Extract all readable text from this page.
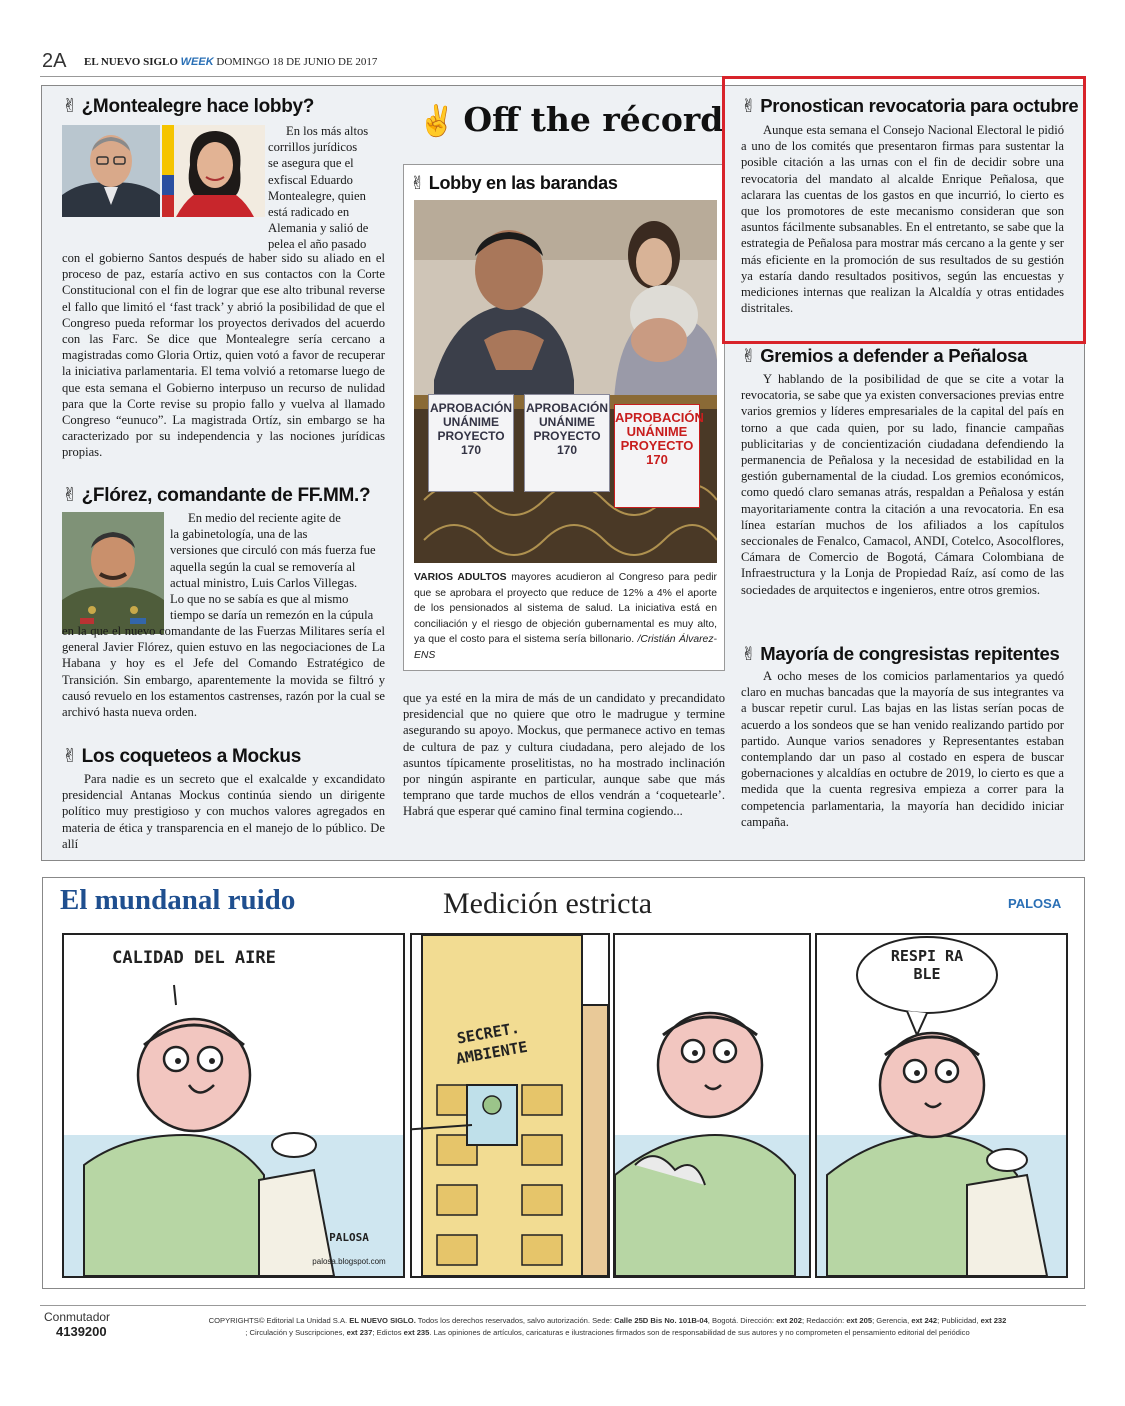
2A EL NUEVO SIGLO WEEK DOMINGO 18 DE JUNIO DE 2017
✌ ¿Montealegre hace lobby?
En los más altos
corrillos jurídicos
se asegura que el
exfiscal Eduardo
Montealegre, quien
está radicado en
Alemania y salió de
pelea el año pasado
con el gobierno Santos después de haber sido su aliado en el proceso de paz, estaría activo en sus contactos con la Corte Constitucional con el fin de lograr que ese alto tribunal reverse el fallo que limitó el ‘fast track’ y abrió la posibilidad de que el Congreso pueda reformar los proyectos derivados del acuerdo con las Farc. Se dice que Montealegre sería cercano a magistradas como Gloria Ortiz, quien votó a favor de recuperar la iniciativa parlamentaria. El tema volvió a retomarse luego de que esta semana el Gobierno interpuso un recurso de nulidad para que la Corte revise su propio fallo y vuelva al llamado Congreso “eunuco”. La magistrada Ortíz, sin embargo se ha caracterizado por su independencia y las nociones jurídicas propias.
✌ ¿Flórez, comandante de FF.MM.?
En medio del reciente agite de
la gabinetología, una de las
versiones que circuló con más fuerza fue
aquella según la cual se removería al
actual ministro, Luis Carlos Villegas.
Lo que no se sabía es que al mismo
tiempo se daría un remezón en la cúpula
en la que el nuevo comandante de las Fuerzas Militares sería el general Javier Flórez, quien estuvo en las negociaciones de La Habana y hoy es el Jefe del Comando Estratégico de Transición. Sin embargo, aparentemente la movida se filtró y causó revuelo en los estamentos castrenses, razón por la cual se archivó hasta nueva orden.
✌ Los coqueteos a Mockus

Para nadie es un secreto que el exalcalde y excandidato presidencial Antanas Mockus continúa siendo un dirigente político muy prestigioso y con muchos valores agregados en materia de ética y transparencia en el manejo de lo público. De allí

✌ Off the récord
✌ Lobby en las barandas
APROBACIÓN UNÁNIME PROYECTO 170
APROBACIÓN UNÁNIME PROYECTO 170
APROBACIÓN UNÁNIME PROYECTO 170
VARIOS ADULTOS mayores acudieron al Congreso para pedir que se aprobara el proyecto que reduce de 12% a 4% el aporte de los pensionados al sistema de salud. La iniciativa está en conciliación y el riesgo de objeción gubernamental es muy alto, ya que el costo para el sistema sería billonario. /Cristián Álvarez-ENS
que ya esté en la mira de más de un candidato y precandidato presidencial que no quiere que otro le madrugue y termine asegurando su apoyo. Mockus, que permanece activo en temas de cultura de paz y cultura ciudadana, pero alejado de los asuntos típicamente proselitistas, no ha mostrado inclinación por ningún aspirante en particular, aunque sabe que más temprano que tarde muchos de ellos vendrán a ‘coquetearle’. Habrá que esperar qué camino final termina cogiendo...
✌ Pronostican revocatoria para octubre

Aunque esta semana el Consejo Nacional Electoral le pidió a uno de los comités que presentaron firmas para sustentar la posible citación a las urnas con el fin de decidir sobre una revocatoria del mandato al alcalde Enrique Peñalosa, que aclarara las cuentas de los gastos en que incurrió, lo cierto es que los promotores de este mecanismo consideran que son asuntos fácilmente subsanables. En el entretanto, se sabe que la estrategia de Peñalosa para mostrar más cercano a la gente y ser más eficiente en la promoción de sus resultados de su gestión ya estaría dando resultados positivos, según las encuestas y mediciones internas que realizan la Alcaldía y otras entidades distritales.

✌ Gremios a defender a Peñalosa

Y hablando de la posibilidad de que se cite a votar la revocatoria, se sabe que ya existen conversaciones previas entre varios gremios y líderes empresariales de la capital del país en torno a que cada quien, por su lado, financie campañas publicitarias y de concientización ciudadana defendiendo la permanencia de Peñalosa y la necesidad de estabilidad en la gestión gubernamental de la ciudad. Los gremios económicos, como quedó claro semanas atrás, respaldan a Peñalosa y están mayoritariamente contra la citación a una revocatoria. En esa línea estarían muchos de los afiliados a los capítulos seccionales de Fenalco, Camacol, ANDI, Cotelco, Asocolflores, Cámara de Comercio de Bogotá, Cámara Colombiana de Infraestructura y la Lonja de Propiedad Raíz, así como de las sociedades de arquitectos e ingenieros, entre otros gremios.

✌ Mayoría de congresistas repitentes

A ocho meses de los comicios parlamentarios ya quedó claro en muchas bancadas que la mayoría de sus integrantes va a buscar repetir curul. Las bajas en las listas serían pocas de acuerdo a los sondeos que se han venido realizando partido por partido. Aunque varios senadores y Representantes estaban contemplando dar un paso al costado en espera de buscar gobernaciones y alcaldías en octubre de 2019, lo cierto es que a medida que la cuenta regresiva empieza a correr para la competencia parlamentaria, la mayoría han decidido iniciar campaña.

El mundanal ruido	Medición estricta	PALOSA
CALIDAD DEL AIRE
PALOSA
palosa.blogspot.com
SECRET. AMBIENTE
RESPI RA BLE
Conmutador
4139200
COPYRIGHTS© Editorial La Unidad S.A. EL NUEVO SIGLO. Todos los derechos reservados, salvo autorización. Sede: Calle 25D Bis No. 101B-04, Bogotá. Dirección: ext 202; Redacción: ext 205; Gerencia, ext 242; Publicidad, ext 232
; Circulación y Suscripciones, ext 237; Edictos ext 235. Las opiniones de artículos, caricaturas e ilustraciones firmados son de responsabilidad de sus autores y no comprometen el pensamiento editorial del periódico
